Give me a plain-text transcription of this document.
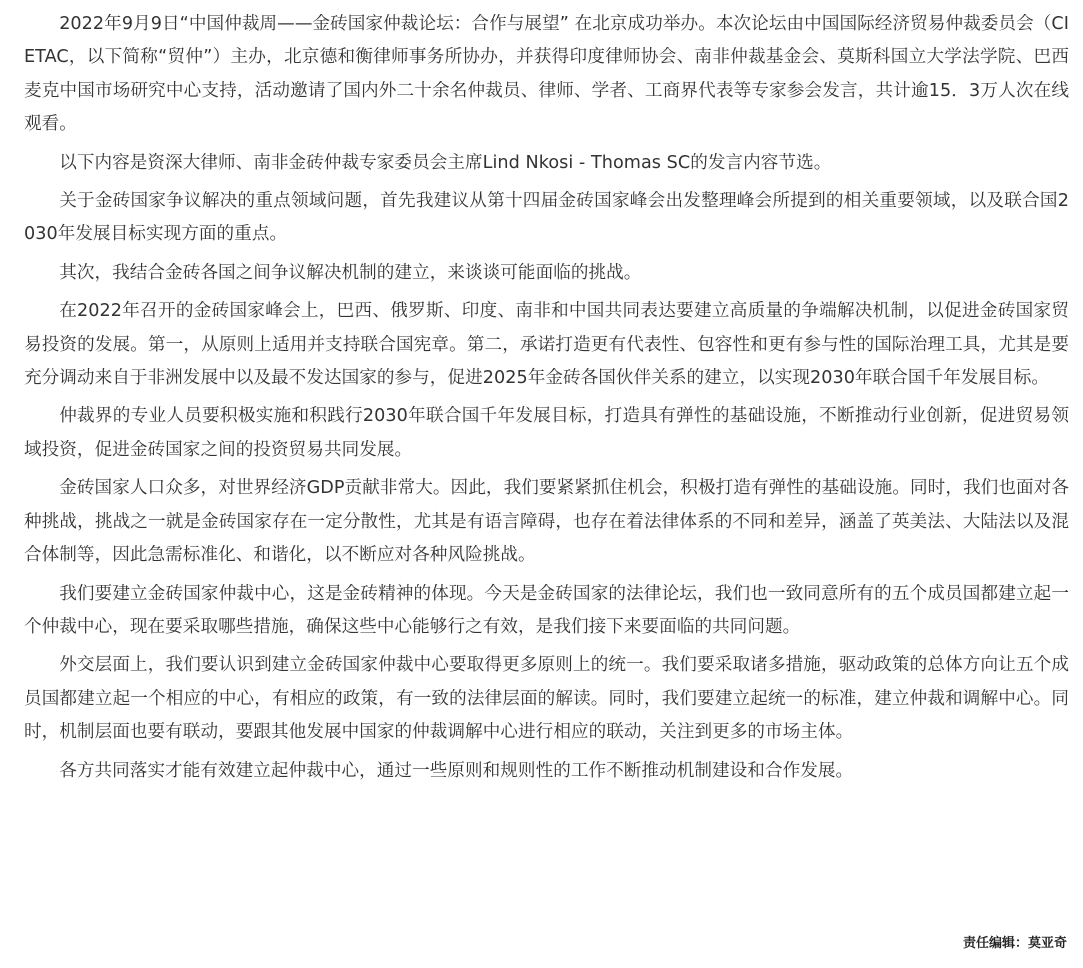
2022年9月9日“中国仲裁周——金砖国家仲裁论坛：合作与展望” 在北京成功举办。本次论坛由中国国际经济贸易仲裁委员会（CIETAC，以下简称“贸仲”）主办，北京德和衡律师事务所协办，并获得印度律师协会、南非仲裁基金会、莫斯科国立大学法学院、巴西麦克中国市场研究中心支持，活动邀请了国内外二十余名仲裁员、律师、学者、工商界代表等专家参会发言，共计逾15．3万人次在线观看。

以下内容是资深大律师、南非金砖仲裁专家委员会主席Lind Nkosi - Thomas SC的发言内容节选。

关于金砖国家争议解决的重点领域问题，首先我建议从第十四届金砖国家峰会出发整理峰会所提到的相关重要领域，以及联合国2030年发展目标实现方面的重点。

其次，我结合金砖各国之间争议解决机制的建立，来谈谈可能面临的挑战。

在2022年召开的金砖国家峰会上，巴西、俄罗斯、印度、南非和中国共同表达要建立高质量的争端解决机制，以促进金砖国家贸易投资的发展。第一，从原则上适用并支持联合国宪章。第二，承诺打造更有代表性、包容性和更有参与性的国际治理工具，尤其是要充分调动来自于非洲发展中以及最不发达国家的参与，促进2025年金砖各国伙伴关系的建立，以实现2030年联合国千年发展目标。

仲裁界的专业人员要积极实施和积践行2030年联合国千年发展目标，打造具有弹性的基础设施，不断推动行业创新，促进贸易领域投资，促进金砖国家之间的投资贸易共同发展。

金砖国家人口众多，对世界经济GDP贡献非常大。因此，我们要紧紧抓住机会，积极打造有弹性的基础设施。同时，我们也面对各种挑战，挑战之一就是金砖国家存在一定分散性，尤其是有语言障碍，也存在着法律体系的不同和差异，涵盖了英美法、大陆法以及混合体制等，因此急需标准化、和谐化，以不断应对各种风险挑战。

我们要建立金砖国家仲裁中心，这是金砖精神的体现。今天是金砖国家的法律论坛，我们也一致同意所有的五个成员国都建立起一个仲裁中心，现在要采取哪些措施，确保这些中心能够行之有效，是我们接下来要面临的共同问题。

外交层面上，我们要认识到建立金砖国家仲裁中心要取得更多原则上的统一。我们要采取诸多措施，驱动政策的总体方向让五个成员国都建立起一个相应的中心，有相应的政策，有一致的法律层面的解读。同时，我们要建立起统一的标准，建立仲裁和调解中心。同时，机制层面也要有联动，要跟其他发展中国家的仲裁调解中心进行相应的联动，关注到更多的市场主体。

各方共同落实才能有效建立起仲裁中心，通过一些原则和规则性的工作不断推动机制建设和合作发展。

责任编辑：莫亚奇
